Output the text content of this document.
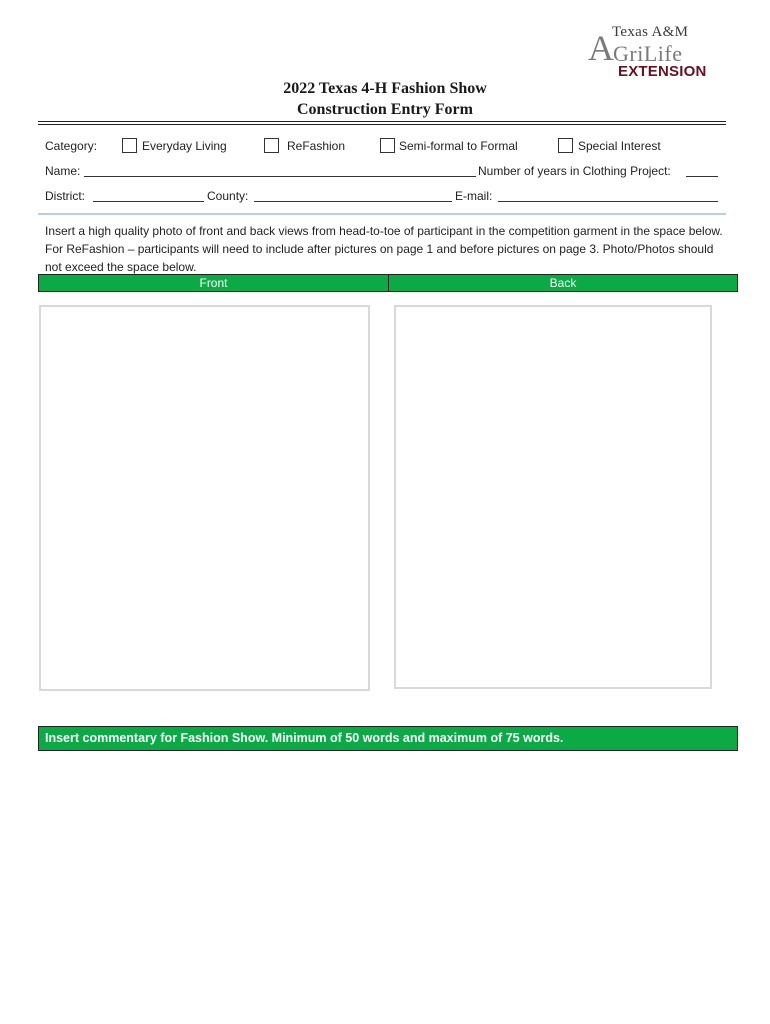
Texas A&M
A GriLife
EXTENSION
2022 Texas 4-H Fashion Show
Construction Entry Form
Category:	Everyday Living	ReFashion	Semi-formal to Formal	Special Interest
Name:	Number of years in Clothing Project:
District:	County:	E-mail:
Insert a high quality photo of front and back views from head-to-toe of participant in the competition garment in the space below. For ReFashion – participants will need to include after pictures on page 1 and before pictures on page 3. Photo/Photos should not exceed the space below.
Front	Back
Insert commentary for Fashion Show. Minimum of 50 words and maximum of 75 words.
